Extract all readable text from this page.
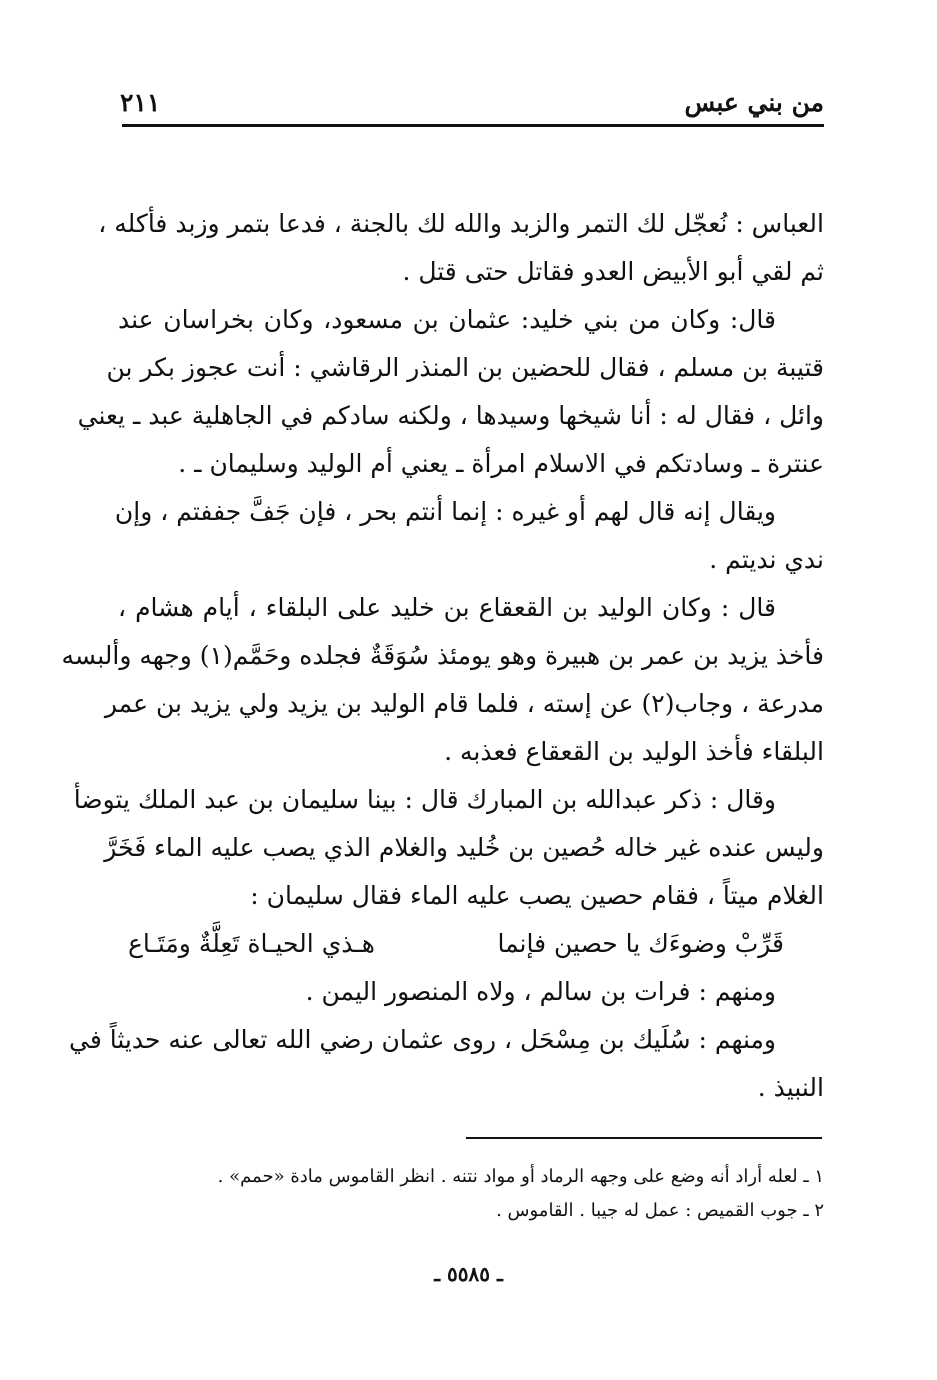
من بني عبس
٢١١
العباس : نُعجّل لك التمر والزبد والله لك بالجنة ، فدعا بتمر وزبد فأكله ،
ثم لقي أبو الأبيض العدو فقاتل حتى قتل .
قال: وكان من بني خليد: عثمان بن مسعود، وكان بخراسان عند
قتيبة بن مسلم ، فقال للحضين بن المنذر الرقاشي : أنت عجوز بكر بن
وائل ، فقال له : أنا شيخها وسيدها ، ولكنه سادكم في الجاهلية عبد ـ يعني
عنترة ـ وسادتكم في الاسلام امرأة ـ يعني أم الوليد وسليمان ـ .
ويقال إنه قال لهم أو غيره : إنما أنتم بحر ، فإن جَفَّ جففتم ، وإن
ندي نديتم .
قال : وكان الوليد بن القعقاع بن خليد على البلقاء ، أيام هشام ،
فأخذ يزيد بن عمر بن هبيرة وهو يومئذ سُوَقَةٌ فجلده وحَمَّم(١) وجهه وألبسه
مدرعة ، وجاب(٢) عن إسته ، فلما قام الوليد بن يزيد ولي يزيد بن عمر
البلقاء فأخذ الوليد بن القعقاع فعذبه .
وقال : ذكر عبدالله بن المبارك قال : بينا سليمان بن عبد الملك يتوضأ
وليس عنده غير خاله حُصين بن خُليد والغلام الذي يصب عليه الماء فَخَرَّ
الغلام ميتاً ، فقام حصين يصب عليه الماء فقال سليمان :
قَرِّبْ وضوءَك يا حصين فإنما
هـذي الحيـاة تَعِلَّةٌ ومَتَـاع
ومنهم : فرات بن سالم ، ولاه المنصور اليمن .
ومنهم : سُلَيك بن مِسْحَل ، روى عثمان رضي الله تعالى عنه حديثاً في
النبيذ .
١ ـ لعله أراد أنه وضع على وجهه الرماد أو مواد نتنه . انظر القاموس مادة «حمم» .
٢ ـ جوب القميص : عمل له جيبا . القاموس .
ـ ٥٥٨٥ ـ
